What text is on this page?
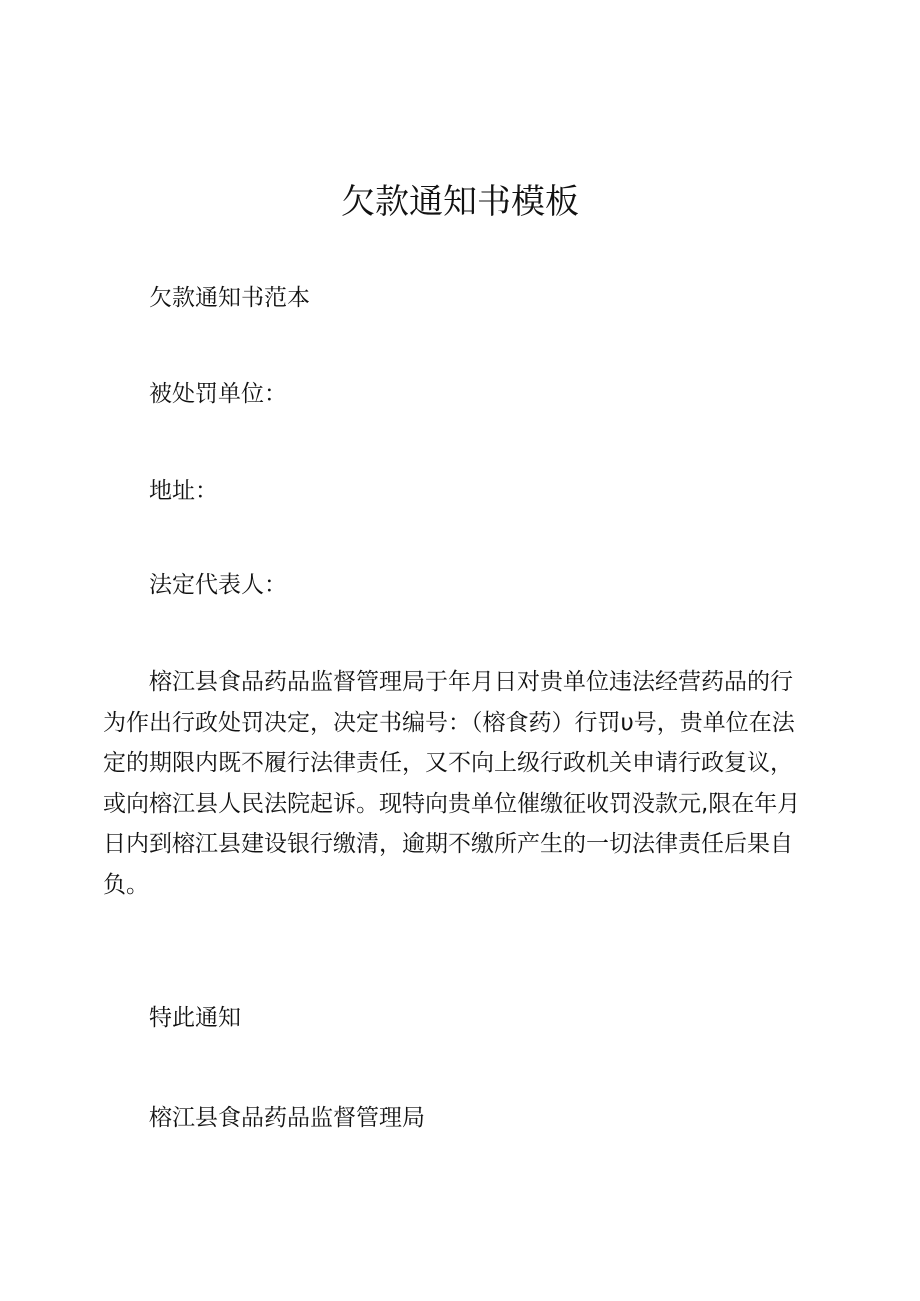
欠款通知书模板

欠款通知书范本

被处罚单位：

地址：

法定代表人：

榕江县食品药品监督管理局于年月日对贵单位违法经营药品的行为作出行政处罚决定，决定书编号：（榕食药）行罚υ号，贵单位在法定的期限内既不履行法律责任，又不向上级行政机关申请行政复议，或向榕江县人民法院起诉。现特向贵单位催缴征收罚没款元,限在年月日内到榕江县建设银行缴清，逾期不缴所产生的一切法律责任后果自负。

特此通知

榕江县食品药品监督管理局
